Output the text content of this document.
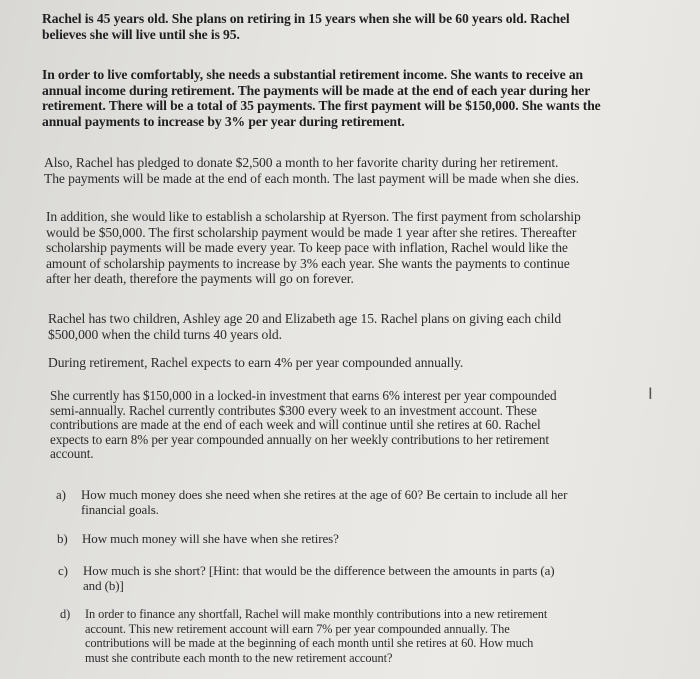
Rachel is 45 years old. She plans on retiring in 15 years when she will be 60 years old. Rachel
believes she will live until she is 95.
In order to live comfortably, she needs a substantial retirement income. She wants to receive an
annual income during retirement. The payments will be made at the end of each year during her
retirement. There will be a total of 35 payments. The first payment will be $150,000. She wants the
annual payments to increase by 3% per year during retirement.
Also, Rachel has pledged to donate $2,500 a month to her favorite charity during her retirement.
The payments will be made at the end of each month. The last payment will be made when she dies.
In addition, she would like to establish a scholarship at Ryerson. The first payment from scholarship
would be $50,000. The first scholarship payment would be made 1 year after she retires. Thereafter
scholarship payments will be made every year. To keep pace with inflation, Rachel would like the
amount of scholarship payments to increase by 3% each year. She wants the payments to continue
after her death, therefore the payments will go on forever.
Rachel has two children, Ashley age 20 and Elizabeth age 15. Rachel plans on giving each child
$500,000 when the child turns 40 years old.
During retirement, Rachel expects to earn 4% per year compounded annually.
She currently has $150,000 in a locked-in investment that earns 6% interest per year compounded
semi-annually. Rachel currently contributes $300 every week to an investment account. These
contributions are made at the end of each week and will continue until she retires at 60. Rachel
expects to earn 8% per year compounded annually on her weekly contributions to her retirement
account.
a) How much money does she need when she retires at the age of 60? Be certain to include all her
financial goals.
b) How much money will she have when she retires?
c) How much is she short? [Hint: that would be the difference between the amounts in parts (a)
and (b)]
d) In order to finance any shortfall, Rachel will make monthly contributions into a new retirement
account. This new retirement account will earn 7% per year compounded annually. The
contributions will be made at the beginning of each month until she retires at 60. How much
must she contribute each month to the new retirement account?
I
